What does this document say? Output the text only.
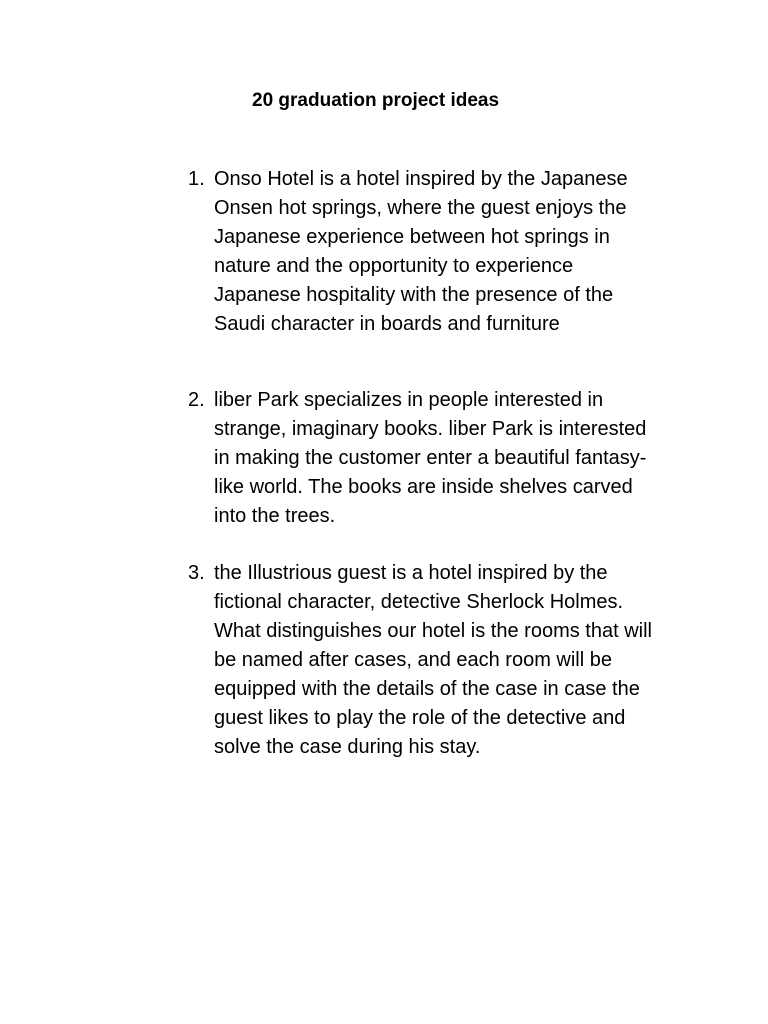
20 graduation project ideas
1. Onso Hotel is a hotel inspired by the Japanese Onsen hot springs, where the guest enjoys the Japanese experience between hot springs in nature and the opportunity to experience Japanese hospitality with the presence of the Saudi character in boards and furniture
2. liber Park specializes in people interested in strange, imaginary books. liber Park is interested in making the customer enter a beautiful fantasy-like world. The books are inside shelves carved into the trees.
3. the Illustrious guest is a hotel inspired by the fictional character, detective Sherlock Holmes. What distinguishes our hotel is the rooms that will be named after cases, and each room will be equipped with the details of the case in case the guest likes to play the role of the detective and solve the case during his stay.
